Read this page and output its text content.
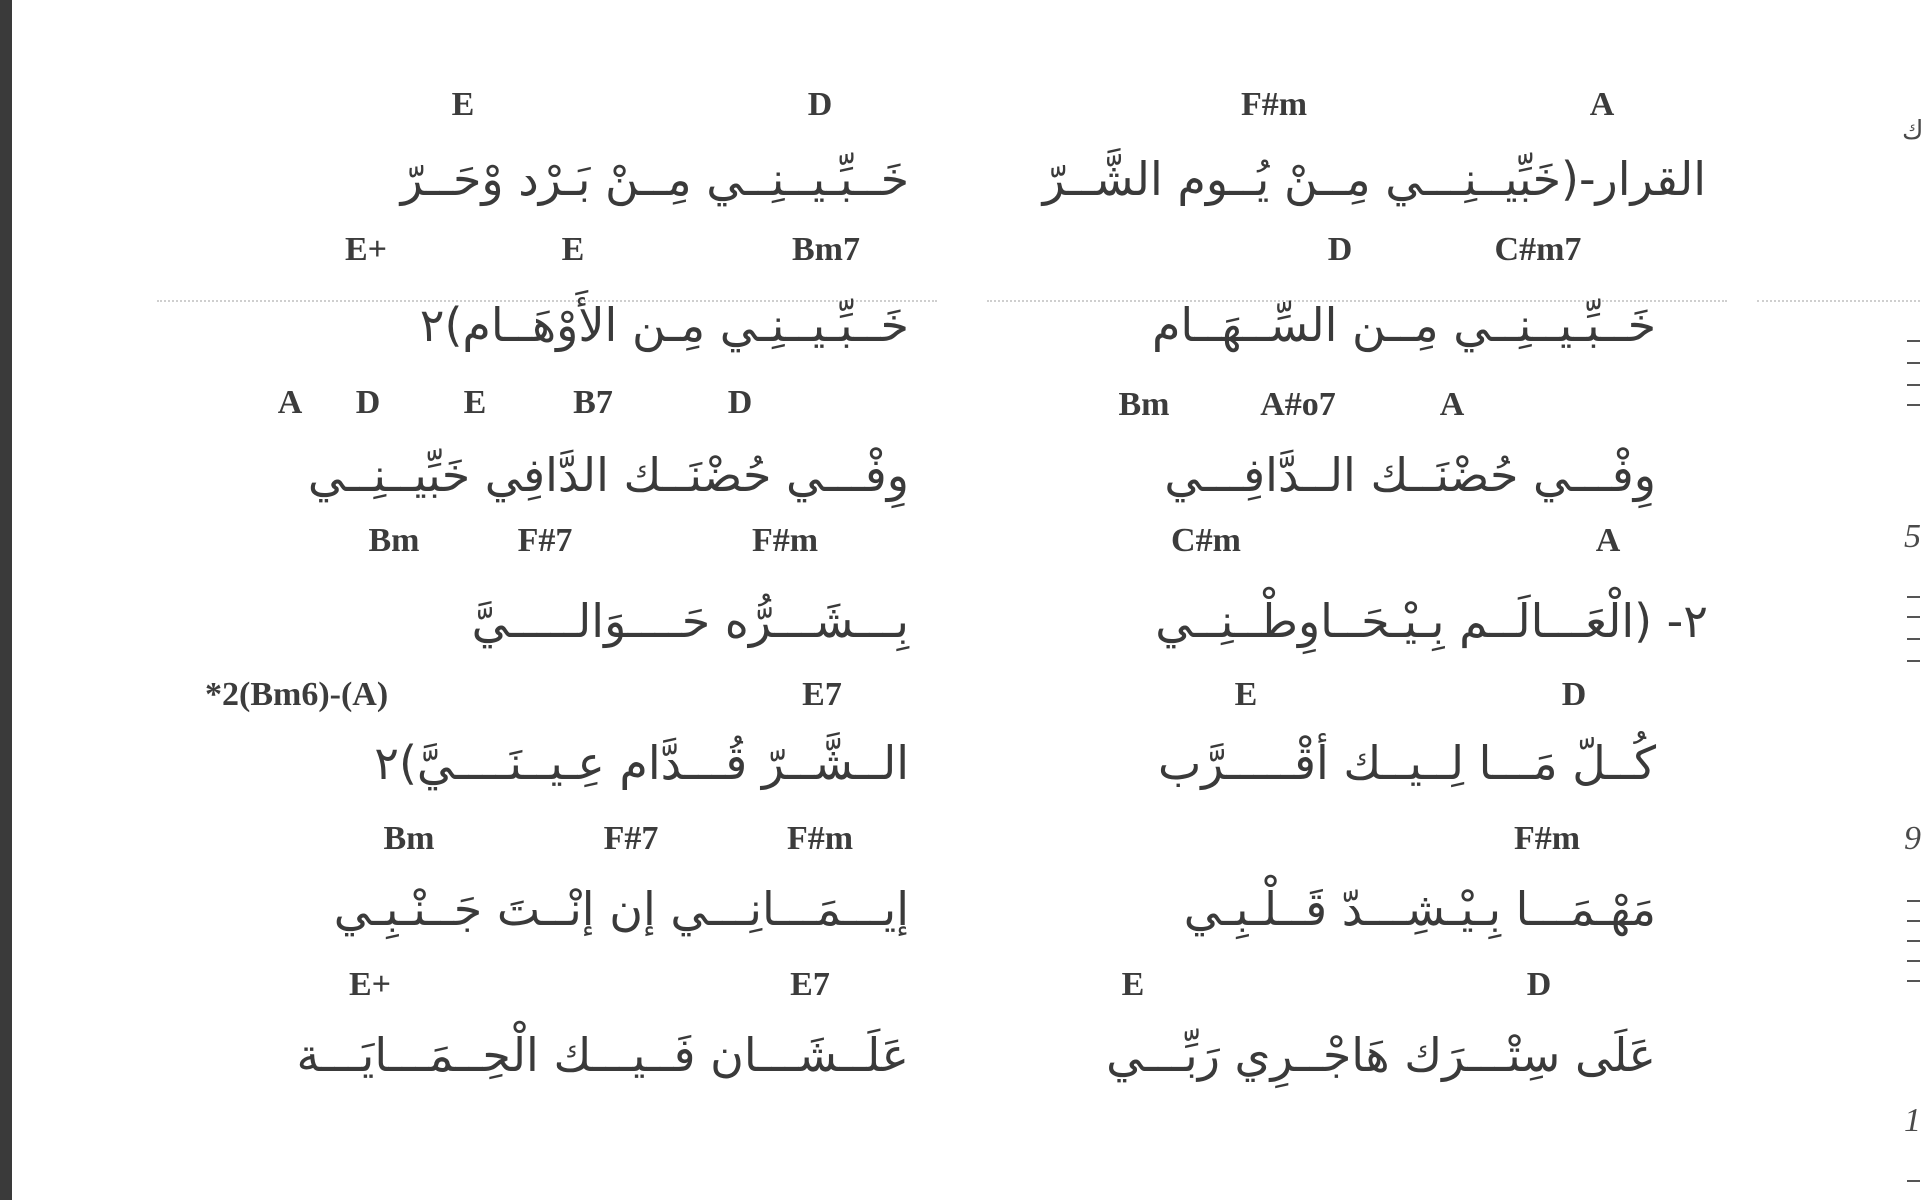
E	D	F#m	A
خَــبِّـيــنِــي مِــنْ بَـرْد وْحَــرّ	القرار-(خَبِّيــنِـــي مِــنْ يُــوم الشَّــرّ
E+	E	Bm7	D	C#m7
خَــبِّـيــنِـي مِـن الأَوْهَــام)٢	خَــبِّـيــنِــي مِــن السِّــهَــام
A D E	B7	D	Bm	A#o7	A
وِفْـــي حُضْنَــك الدَّافِي خَبِّيــنِــي	وِفْـــي حُضْنَــك الــدَّافِـــي
Bm	F#7	F#m	C#m	A
بِـــشَـــرُّه حَــــوَالـــــيَّ	٢- (الْعَـــالَــم بِـيْـحَــاوِطْــنِــي
*2(Bm6)-(A)	E7	E	D
الــشَّــرّ قُـــدَّام عِـيــنَــــيَّ)٢	كُــلّ مَـــا لِــيــك أقْـــــرَّب
Bm	F#7	F#m	F#m
إيـــمَـــانِـــي إن إنْــتَ جَــنْـبِـي	مَهْـمَـــا بِـيْـشِـــدّ قَــلْـبِـي
E+	E7	E	D
عَلَــشَـــان فَــيـــك الْحِــمَـــايَـــة	عَلَى سِتْـــرَك هَاجْــرِي رَبِّـــي
ك
5
9
1
